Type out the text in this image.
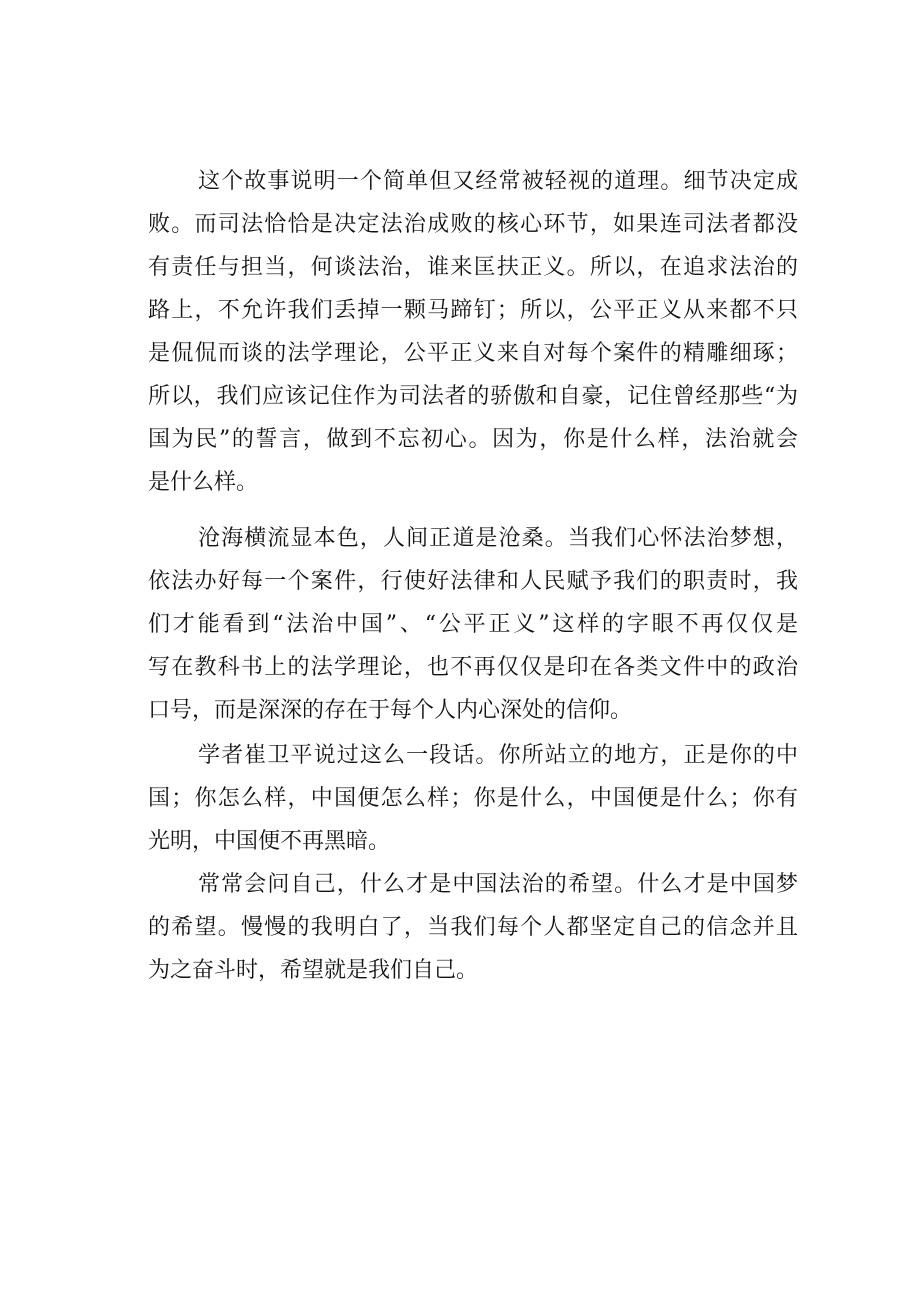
这个故事说明一个简单但又经常被轻视的道理。细节决定成

败。而司法恰恰是决定法治成败的核心环节，如果连司法者都没

有责任与担当，何谈法治，谁来匡扶正义。所以，在追求法治的

路上，不允许我们丢掉一颗马蹄钉；所以，公平正义从来都不只

是侃侃而谈的法学理论，公平正义来自对每个案件的精雕细琢；

所以，我们应该记住作为司法者的骄傲和自豪，记住曾经那些“为

国为民”的誓言，做到不忘初心。因为，你是什么样，法治就会

是什么样。

沧海横流显本色，人间正道是沧桑。当我们心怀法治梦想，

依法办好每一个案件，行使好法律和人民赋予我们的职责时，我

们才能看到“法治中国”、“公平正义”这样的字眼不再仅仅是

写在教科书上的法学理论，也不再仅仅是印在各类文件中的政治

口号，而是深深的存在于每个人内心深处的信仰。

学者崔卫平说过这么一段话。你所站立的地方，正是你的中

国；你怎么样，中国便怎么样；你是什么，中国便是什么；你有

光明，中国便不再黑暗。

常常会问自己，什么才是中国法治的希望。什么才是中国梦

的希望。慢慢的我明白了，当我们每个人都坚定自己的信念并且

为之奋斗时，希望就是我们自己。
